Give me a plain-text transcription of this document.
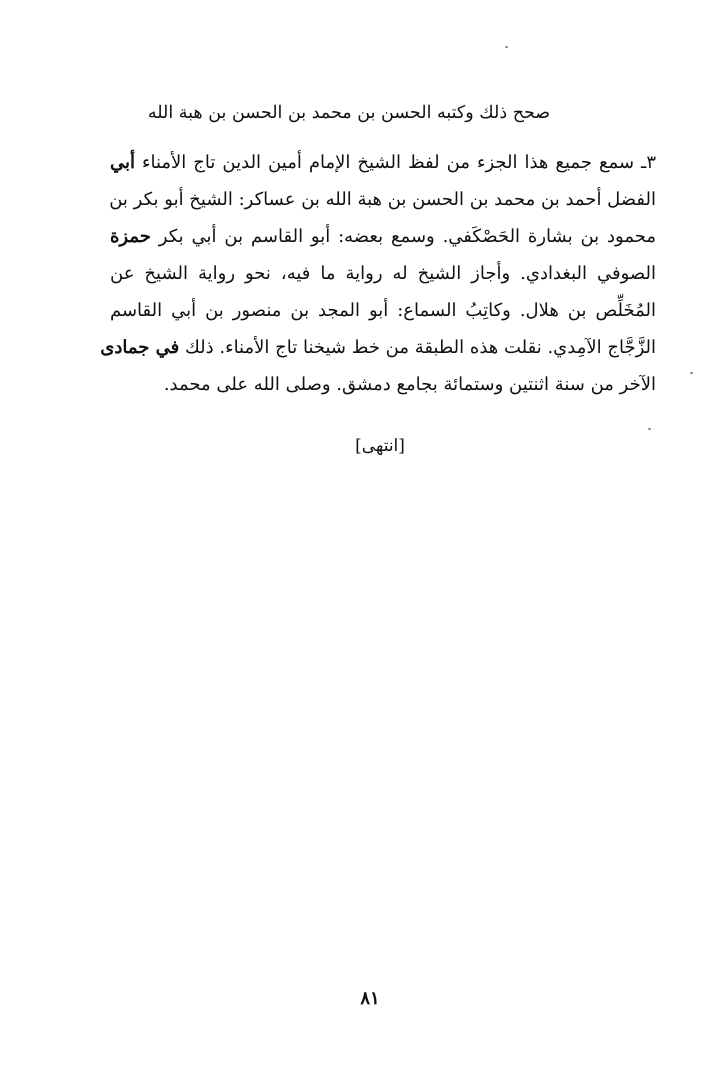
صحح ذلك وكتبه الحسن بن محمد بن الحسن بن هبة الله
٣ـ سمع جميع هذا الجزء من لفظ الشيخ الإمام أمين الدين تاج الأمناء أبي
الفضل أحمد بن محمد بن الحسن بن هبة الله بن عساكر: الشيخ أبو بكر بن
محمود بن بشارة الحَصْكَفي. وسمع بعضه: أبو القاسم بن أبي بكر حمزة
الصوفي البغدادي. وأجاز الشيخ له رواية ما فيه، نحو رواية الشيخ عن
المُخَلِّص بن هلال. وكاتِبُ السماع: أبو المجد بن منصور بن أبي القاسم
الزَّجَّاج الآمِدي. نقلت هذه الطبقة من خط شيخنا تاج الأمناء. ذلك في جمادى
الآخر من سنة اثنتين وستمائة بجامع دمشق. وصلى الله على محمد.
[انتهى]
٨١
